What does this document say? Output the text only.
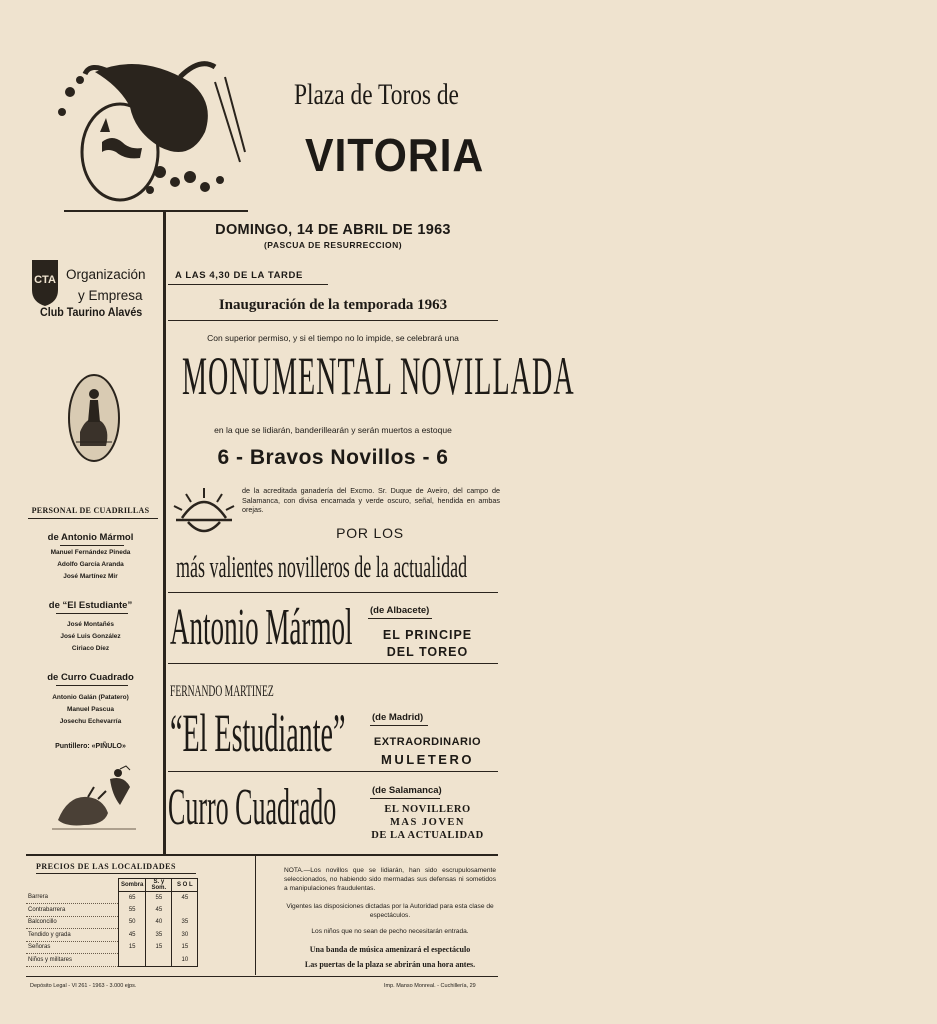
Plaza de Toros de
VITORIA
DOMINGO, 14 DE ABRIL DE 1963
(PASCUA DE RESURRECCION)
CTA Organización
y Empresa
Club Taurino Alavés
A LAS 4,30 DE LA TARDE
Inauguración de la temporada 1963
Con superior permiso, y si el tiempo no lo impide, se celebrará una
MONUMENTAL NOVILLADA
en la que se lidiarán, banderillearán y serán muertos a estoque
6 - Bravos Novillos - 6
de la acreditada ganadería del Excmo. Sr. Duque de Aveiro, del campo de Salamanca, con divisa encarnada y verde oscuro, señal, hendida en ambas orejas.
POR LOS
más valientes novilleros de la actualidad
Antonio Mármol	(de Albacete)
EL PRINCIPE
DEL TOREO
FERNANDO MARTINEZ
“El Estudiante”	(de Madrid)
EXTRAORDINARIO
MULETERO
Curro Cuadrado	(de Salamanca)
EL NOVILLERO
MAS JOVEN
DE LA ACTUALIDAD
PERSONAL DE CUADRILLAS
de Antonio Mármol
Manuel Fernández Pineda
Adolfo García Aranda
José Martínez Mir
de “El Estudiante”
José Montañés
José Luis González
Ciriaco Díez
de Curro Cuadrado
Antonio Galán (Patatero)
Manuel Pascua
Josechu Echevarría
Puntillero: «PIÑULO»
PRECIOS DE LAS LOCALIDADES
	Sombra	S. y Som.	S O L
Barrera	65	55	45
Contrabarrera	55	45	
Balconcillo	50	40	35
Tendido y grada	45	35	30
Señoras	15	15	15
Niños y militares			10
NOTA.—Los novillos que se lidiarán, han sido escrupulosamente seleccionados, no habiendo sido mermadas sus defensas ni sometidos a manipulaciones fraudulentas.
Vigentes las disposiciones dictadas por la Autoridad para esta clase de espectáculos.
Los niños que no sean de pecho necesitarán entrada.
Una banda de música amenizará el espectáculo
Las puertas de la plaza se abrirán una hora antes.
Depósito Legal - VI 261 - 1963 - 3.000 ejps.	Imp. Manso Monreal. - Cuchillería, 29
